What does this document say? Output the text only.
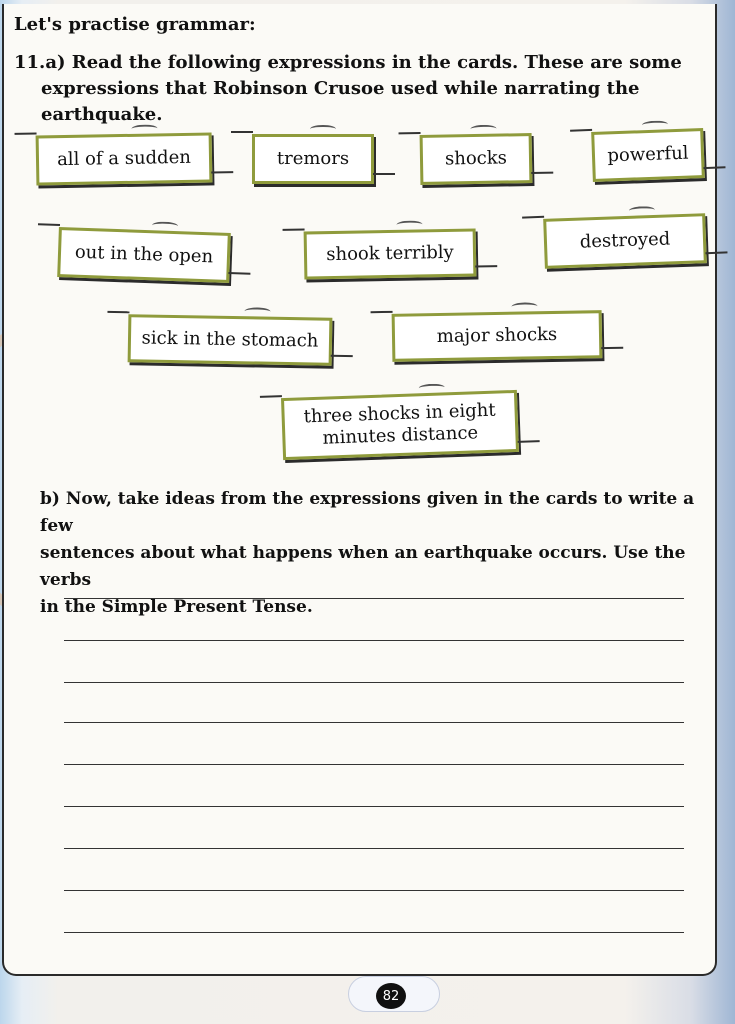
Let's practise grammar:
11.a) Read the following expressions in the cards. These are some
expressions that Robinson Crusoe used while narrating the earthquake.
all of a sudden	tremors	shocks	powerful
out in the open	shook terribly
destroyed
sick in the stomach	major shocks
three shocks in eight
minutes distance
b) Now, take ideas from the expressions given in the cards to write a few
sentences about what happens when an earthquake occurs. Use the verbs
in the Simple Present Tense.
82
